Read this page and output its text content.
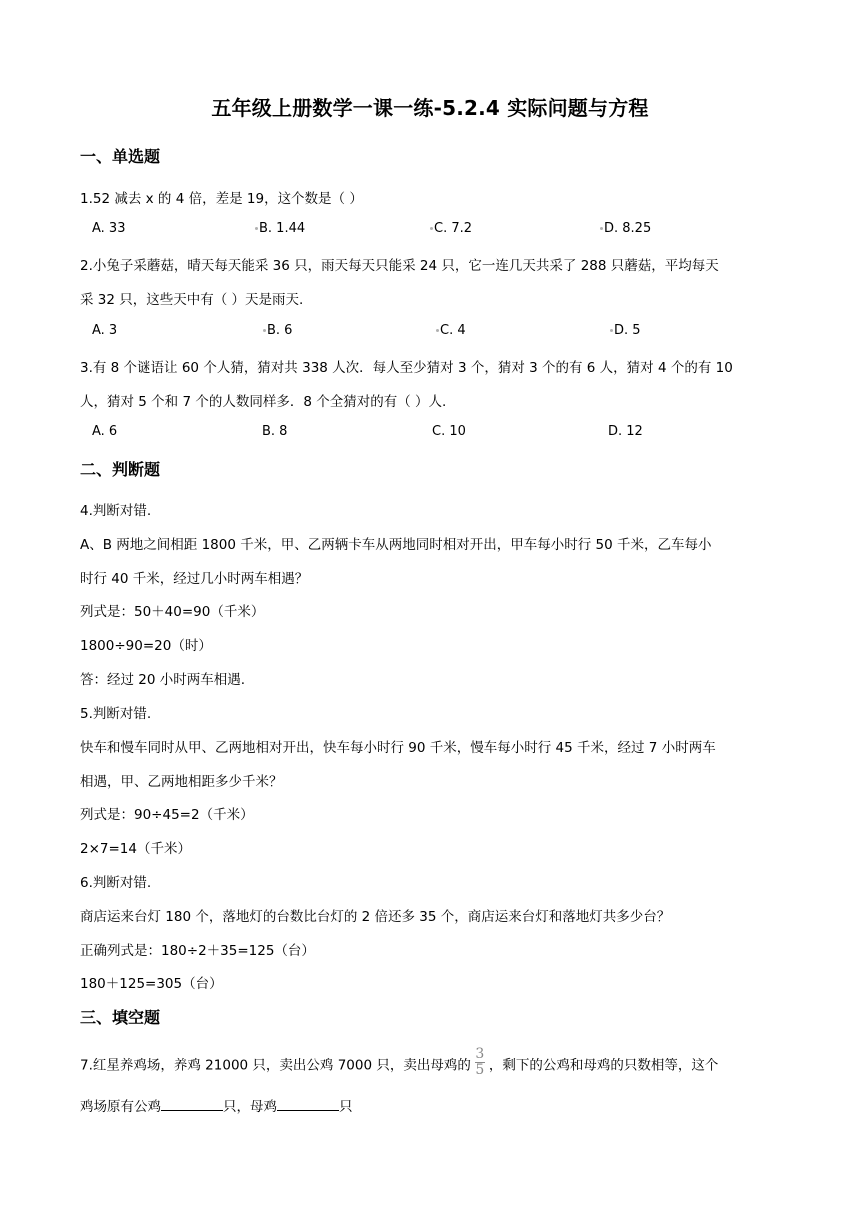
五年级上册数学一课一练-5.2.4 实际问题与方程
一、单选题
1.52 减去 x 的 4 倍，差是 19，这个数是（ ）
A. 33	B. 1.44	C. 7.2	D. 8.25
2.小兔子采蘑菇，晴天每天能采 36 只，雨天每天只能采 24 只，它一连几天共采了 288 只蘑菇，平均每天
采 32 只，这些天中有（ ）天是雨天.
A. 3	B. 6	C. 4	D. 5
3.有 8 个谜语让 60 个人猜，猜对共 338 人次．每人至少猜对 3 个，猜对 3 个的有 6 人，猜对 4 个的有 10
人，猜对 5 个和 7 个的人数同样多．8 个全猜对的有（ ）人.
A. 6	B. 8	C. 10	D. 12
二、判断题
4.判断对错.
A、B 两地之间相距 1800 千米，甲、乙两辆卡车从两地同时相对开出，甲车每小时行 50 千米，乙车每小
时行 40 千米，经过几小时两车相遇？
列式是：50＋40=90（千米）
1800÷90=20（时）
答：经过 20 小时两车相遇.
5.判断对错.
快车和慢车同时从甲、乙两地相对开出，快车每小时行 90 千米，慢车每小时行 45 千米，经过 7 小时两车
相遇，甲、乙两地相距多少千米？
列式是：90÷45=2（千米）
2×7=14（千米）
6.判断对错.
商店运来台灯 180 个，落地灯的台数比台灯的 2 倍还多 35 个，商店运来台灯和落地灯共多少台？
正确列式是：180÷2＋35=125（台）
180＋125=305（台）
三、填空题
7.红星养鸡场，养鸡 21000 只，卖出公鸡 7000 只，卖出母鸡的 $\frac{3}{5}$ ，剩下的公鸡和母鸡的只数相等，这个
鸡场原有公鸡	只，母鸡	只
